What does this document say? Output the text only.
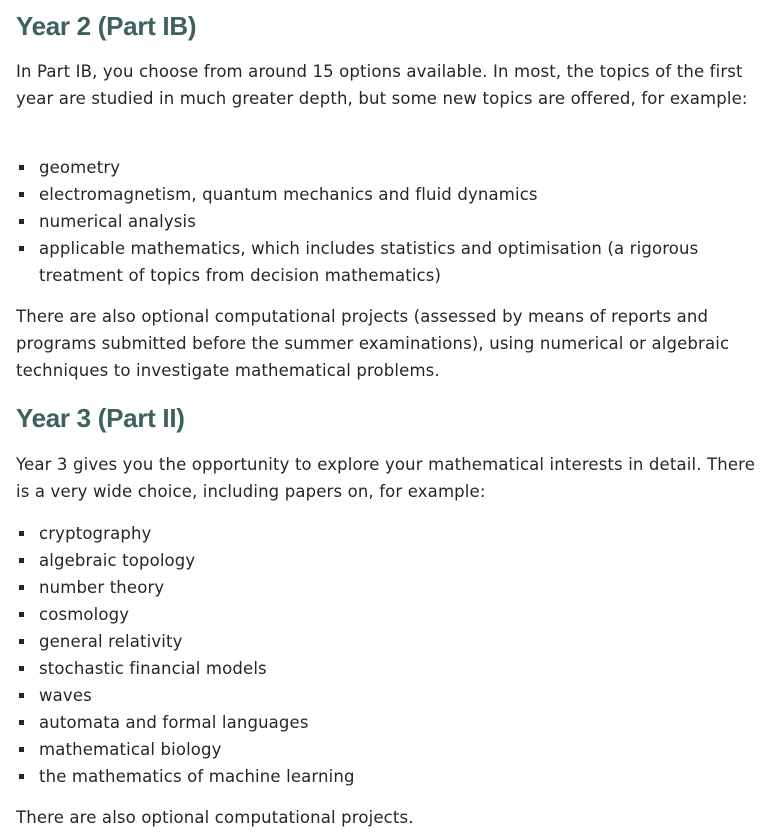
Year 2 (Part IB)

In Part IB, you choose from around 15 options available. In most, the topics of the first year are studied in much greater depth, but some new topics are offered, for example:

geometry
electromagnetism, quantum mechanics and fluid dynamics
numerical analysis
applicable mathematics, which includes statistics and optimisation (a rigorous treatment of topics from decision mathematics)

There are also optional computational projects (assessed by means of reports and programs submitted before the summer examinations), using numerical or algebraic techniques to investigate mathematical problems.

Year 3 (Part II)

Year 3 gives you the opportunity to explore your mathematical interests in detail. There is a very wide choice, including papers on, for example:

cryptography
algebraic topology
number theory
cosmology
general relativity
stochastic financial models
waves
automata and formal languages
mathematical biology
the mathematics of machine learning

There are also optional computational projects.
